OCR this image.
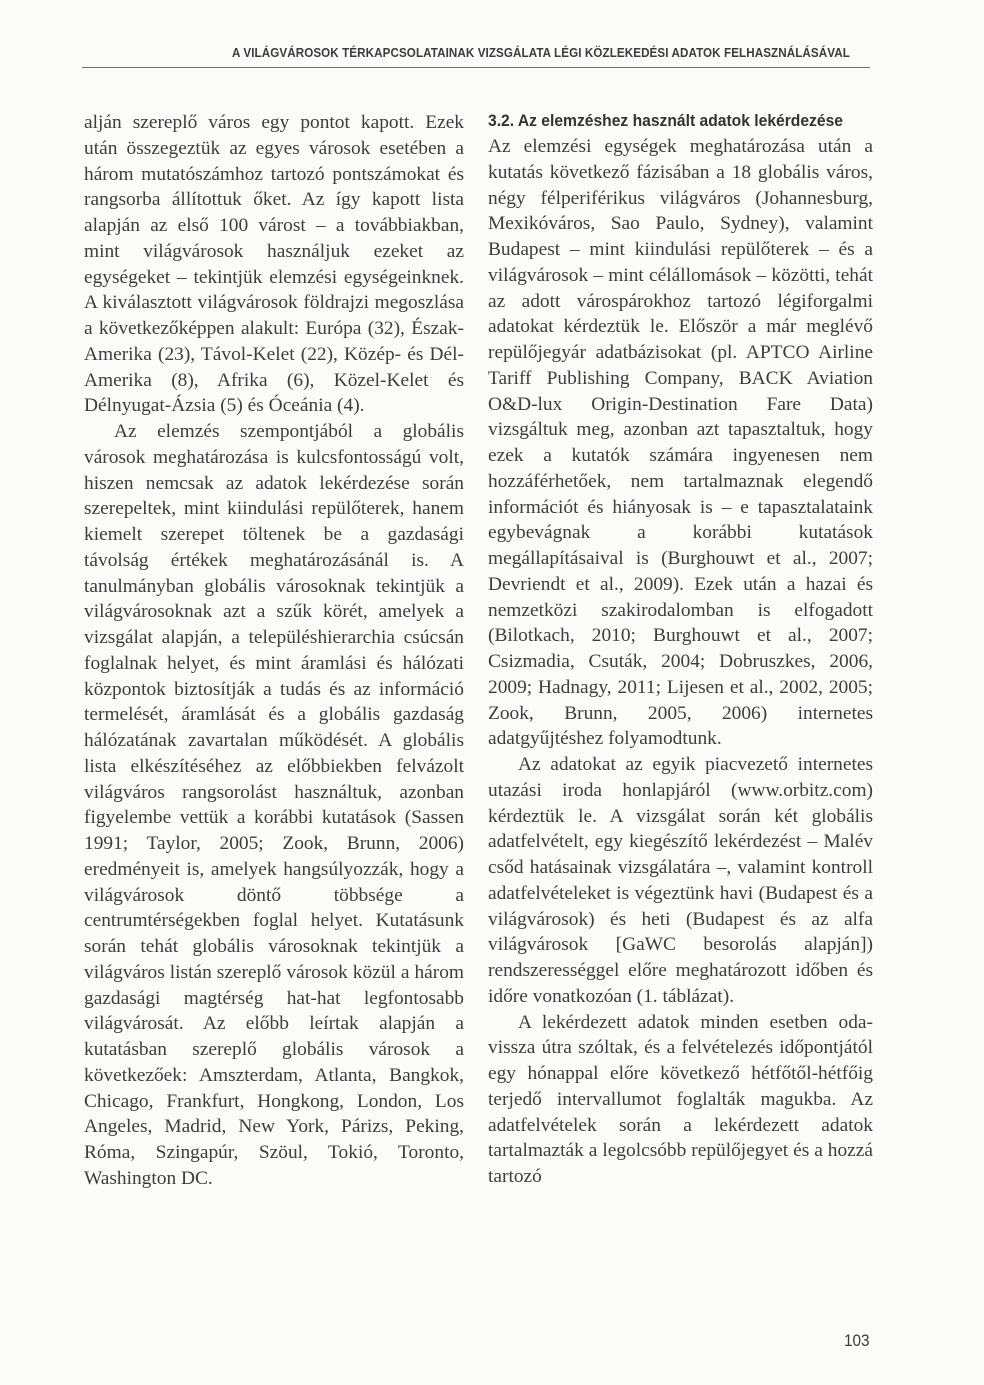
A VILÁGVÁROSOK TÉRKAPCSOLATAINAK VIZSGÁLATA LÉGI KÖZLEKEDÉSI ADATOK FELHASZNÁLÁSÁVAL

alján szereplő város egy pontot kapott. Ezek után összegeztük az egyes városok esetében a három mutatószámhoz tartozó pontszámokat és rangsorba állítottuk őket. Az így kapott lista alapján az első 100 várost – a továbbiakban, mint világvárosok használjuk ezeket az egységeket – tekintjük elemzési egységeinknek. A kiválasztott világvárosok földrajzi megoszlása a következőképpen alakult: Európa (32), Észak-Amerika (23), Távol-Kelet (22), Közép- és Dél-Amerika (8), Afrika (6), Közel-Kelet és Délnyugat-Ázsia (5) és Óceánia (4).

Az elemzés szempontjából a globális városok meghatározása is kulcsfontosságú volt, hiszen nemcsak az adatok lekérdezése során szerepeltek, mint kiindulási repülőterek, hanem kiemelt szerepet töltenek be a gazdasági távolság értékek meghatározásánál is. A tanulmányban globális városoknak tekintjük a világvárosoknak azt a szűk körét, amelyek a vizsgálat alapján, a településhierarchia csúcsán foglalnak helyet, és mint áramlási és hálózati központok biztosítják a tudás és az információ termelését, áramlását és a globális gazdaság hálózatának zavartalan működését. A globális lista elkészítéséhez az előbbiekben felvázolt világváros rangsorolást használtuk, azonban figyelembe vettük a korábbi kutatások (Sassen 1991; Taylor, 2005; Zook, Brunn, 2006) eredményeit is, amelyek hangsúlyozzák, hogy a világvárosok döntő többsége a centrumtérségekben foglal helyet. Kutatásunk során tehát globális városoknak tekintjük a világváros listán szereplő városok közül a három gazdasági magtérség hat-hat legfontosabb világvárosát. Az előbb leírtak alapján a kutatásban szereplő globális városok a következőek: Amszterdam, Atlanta, Bangkok, Chicago, Frankfurt, Hongkong, London, Los Angeles, Madrid, New York, Párizs, Peking, Róma, Szingapúr, Szöul, Tokió, Toronto, Washington DC.

3.2. Az elemzéshez használt adatok lekérdezése

Az elemzési egységek meghatározása után a kutatás következő fázisában a 18 globális város, négy félperiférikus világváros (Johannesburg, Mexikóváros, Sao Paulo, Sydney), valamint Budapest – mint kiindulási repülőterek – és a világvárosok – mint célállomások – közötti, tehát az adott várospárokhoz tartozó légiforgalmi adatokat kérdeztük le. Először a már meglévő repülőjegyár adatbázisokat (pl. APTCO Airline Tariff Publishing Company, BACK Aviation O&D-lux Origin-Destination Fare Data) vizsgáltuk meg, azonban azt tapasztaltuk, hogy ezek a kutatók számára ingyenesen nem hozzáférhetőek, nem tartalmaznak elegendő információt és hiányosak is – e tapasztalataink egybevágnak a korábbi kutatások megállapításaival is (Burghouwt et al., 2007; Devriendt et al., 2009). Ezek után a hazai és nemzetközi szakirodalomban is elfogadott (Bilotkach, 2010; Burghouwt et al., 2007; Csizmadia, Csuták, 2004; Dobruszkes, 2006, 2009; Hadnagy, 2011; Lijesen et al., 2002, 2005; Zook, Brunn, 2005, 2006) internetes adatgyűjtéshez folyamodtunk.

Az adatokat az egyik piacvezető internetes utazási iroda honlapjáról (www.orbitz.com) kérdeztük le. A vizsgálat során két globális adatfelvételt, egy kiegészítő lekérdezést – Malév csőd hatásainak vizsgálatára –, valamint kontroll adatfelvételeket is végeztünk havi (Budapest és a világvárosok) és heti (Budapest és az alfa világvárosok [GaWC besorolás alapján]) rendszerességgel előre meghatározott időben és időre vonatkozóan (1. táblázat).

A lekérdezett adatok minden esetben oda-vissza útra szóltak, és a felvételezés időpontjától egy hónappal előre következő hétfőtől-hétfőig terjedő intervallumot foglalták magukba. Az adatfelvételek során a lekérdezett adatok tartalmazták a legolcsóbb repülőjegyet és a hozzá tartozó

103
